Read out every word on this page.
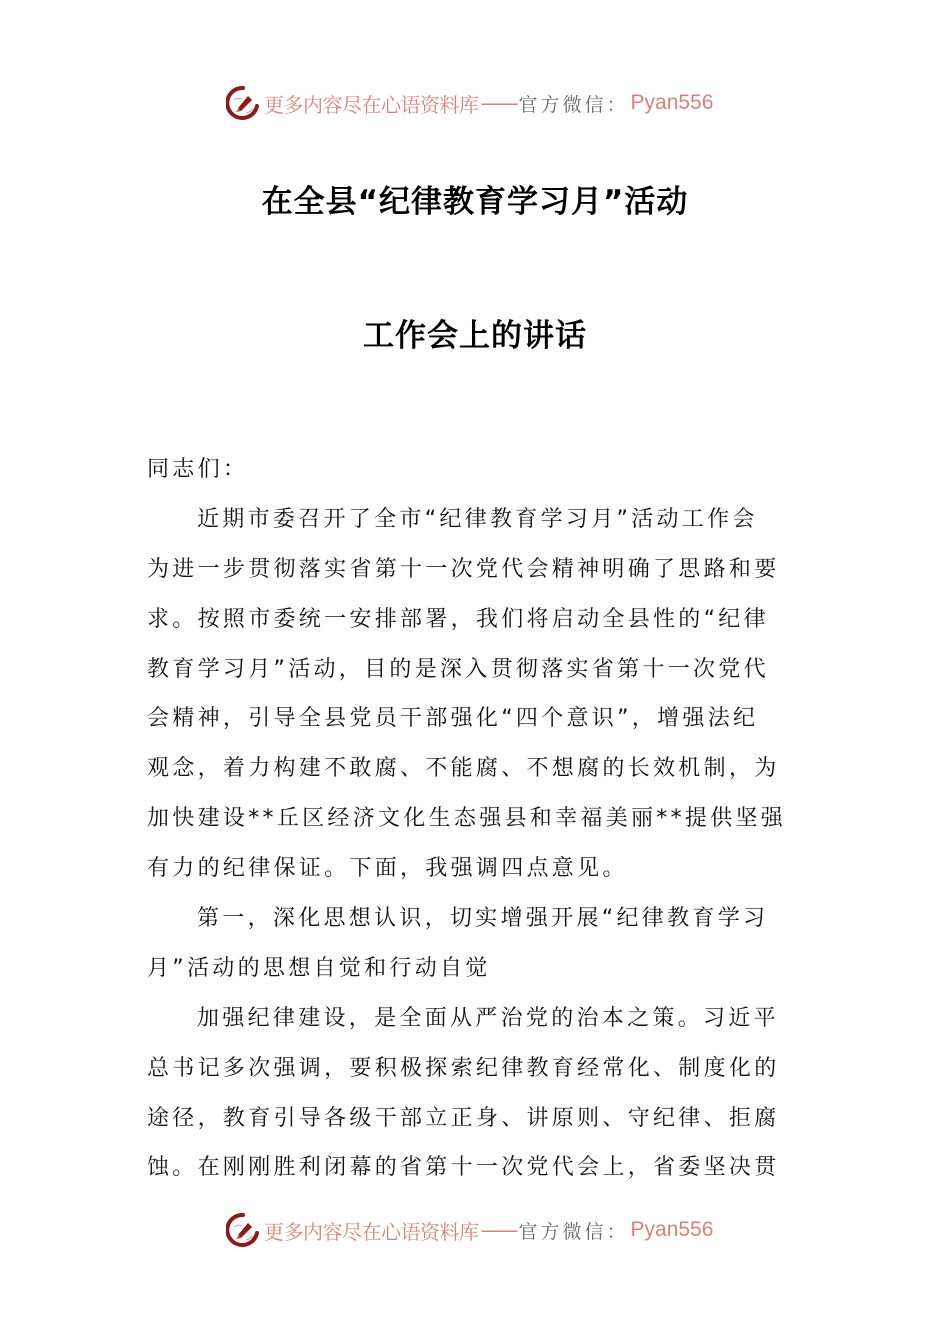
更多内容尽在心语资料库 —— 官方微信： Pyan556
在全县“纪律教育学习月”活动
工作会上的讲话
同志们：
近期市委召开了全市“纪律教育学习月”活动工作会
为进一步贯彻落实省第十一次党代会精神明确了思路和要
求。按照市委统一安排部署，我们将启动全县性的“纪律
教育学习月”活动，目的是深入贯彻落实省第十一次党代
会精神，引导全县党员干部强化“四个意识”，增强法纪
观念，着力构建不敢腐、不能腐、不想腐的长效机制，为
加快建设**丘区经济文化生态强县和幸福美丽**提供坚强
有力的纪律保证。下面，我强调四点意见。
第一，深化思想认识，切实增强开展“纪律教育学习
月”活动的思想自觉和行动自觉
加强纪律建设，是全面从严治党的治本之策。习近平
总书记多次强调，要积极探索纪律教育经常化、制度化的
途径，教育引导各级干部立正身、讲原则、守纪律、拒腐
蚀。在刚刚胜利闭幕的省第十一次党代会上，省委坚决贯
更多内容尽在心语资料库 —— 官方微信： Pyan556
